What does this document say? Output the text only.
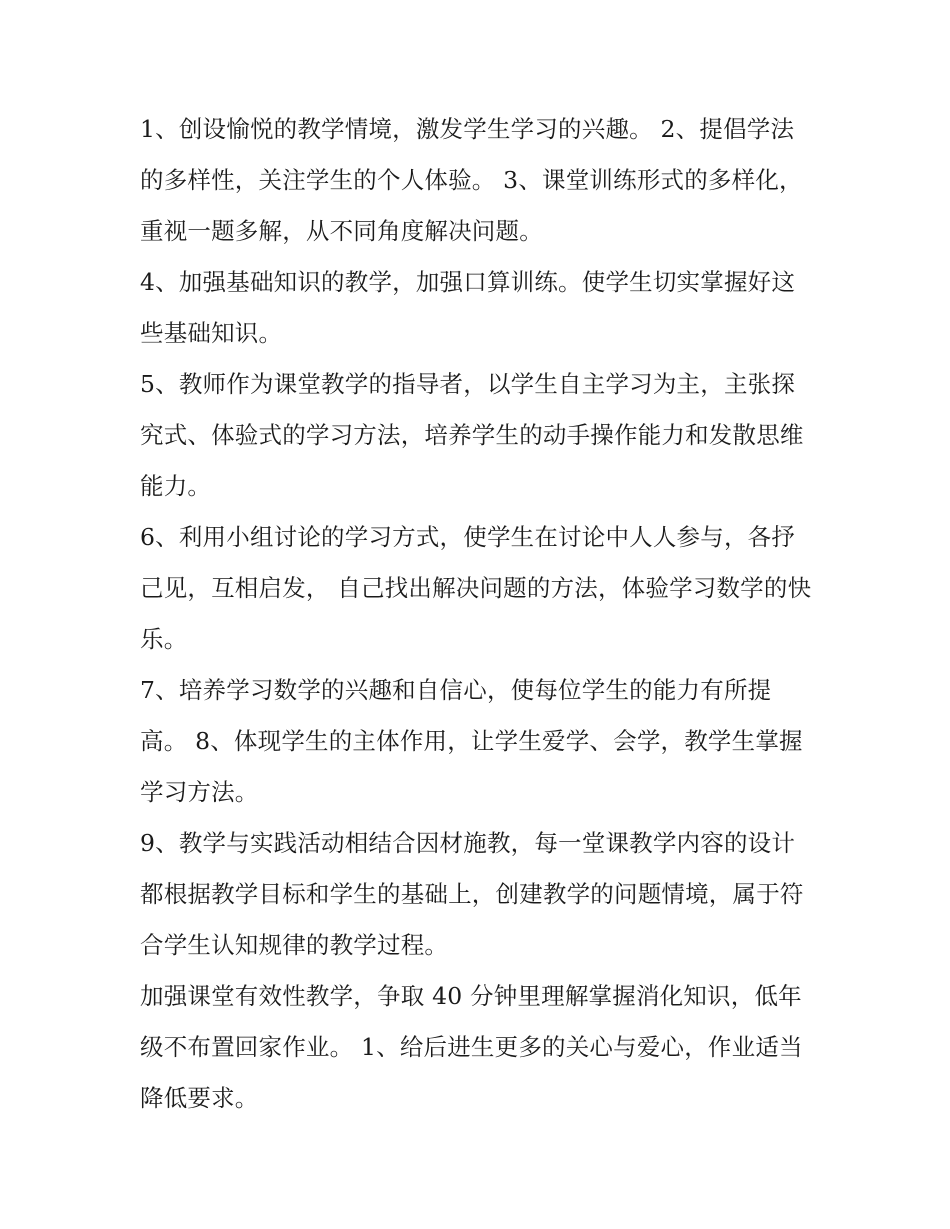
1、创设愉悦的教学情境，激发学生学习的兴趣。 2、提倡学法的多样性，关注学生的个人体验。 3、课堂训练形式的多样化，重视一题多解，从不同角度解决问题。

4、加强基础知识的教学，加强口算训练。使学生切实掌握好这些基础知识。

5、教师作为课堂教学的指导者，以学生自主学习为主，主张探究式、体验式的学习方法，培养学生的动手操作能力和发散思维能力。

6、利用小组讨论的学习方式，使学生在讨论中人人参与，各抒己见，互相启发， 自己找出解决问题的方法，体验学习数学的快乐。

7、培养学习数学的兴趣和自信心，使每位学生的能力有所提高。 8、体现学生的主体作用，让学生爱学、会学，教学生掌握学习方法。

9、教学与实践活动相结合因材施教，每一堂课教学内容的设计都根据教学目标和学生的基础上，创建教学的问题情境，属于符合学生认知规律的教学过程。

加强课堂有效性教学，争取 40 分钟里理解掌握消化知识，低年级不布置回家作业。 1、给后进生更多的关心与爱心，作业适当降低要求。
